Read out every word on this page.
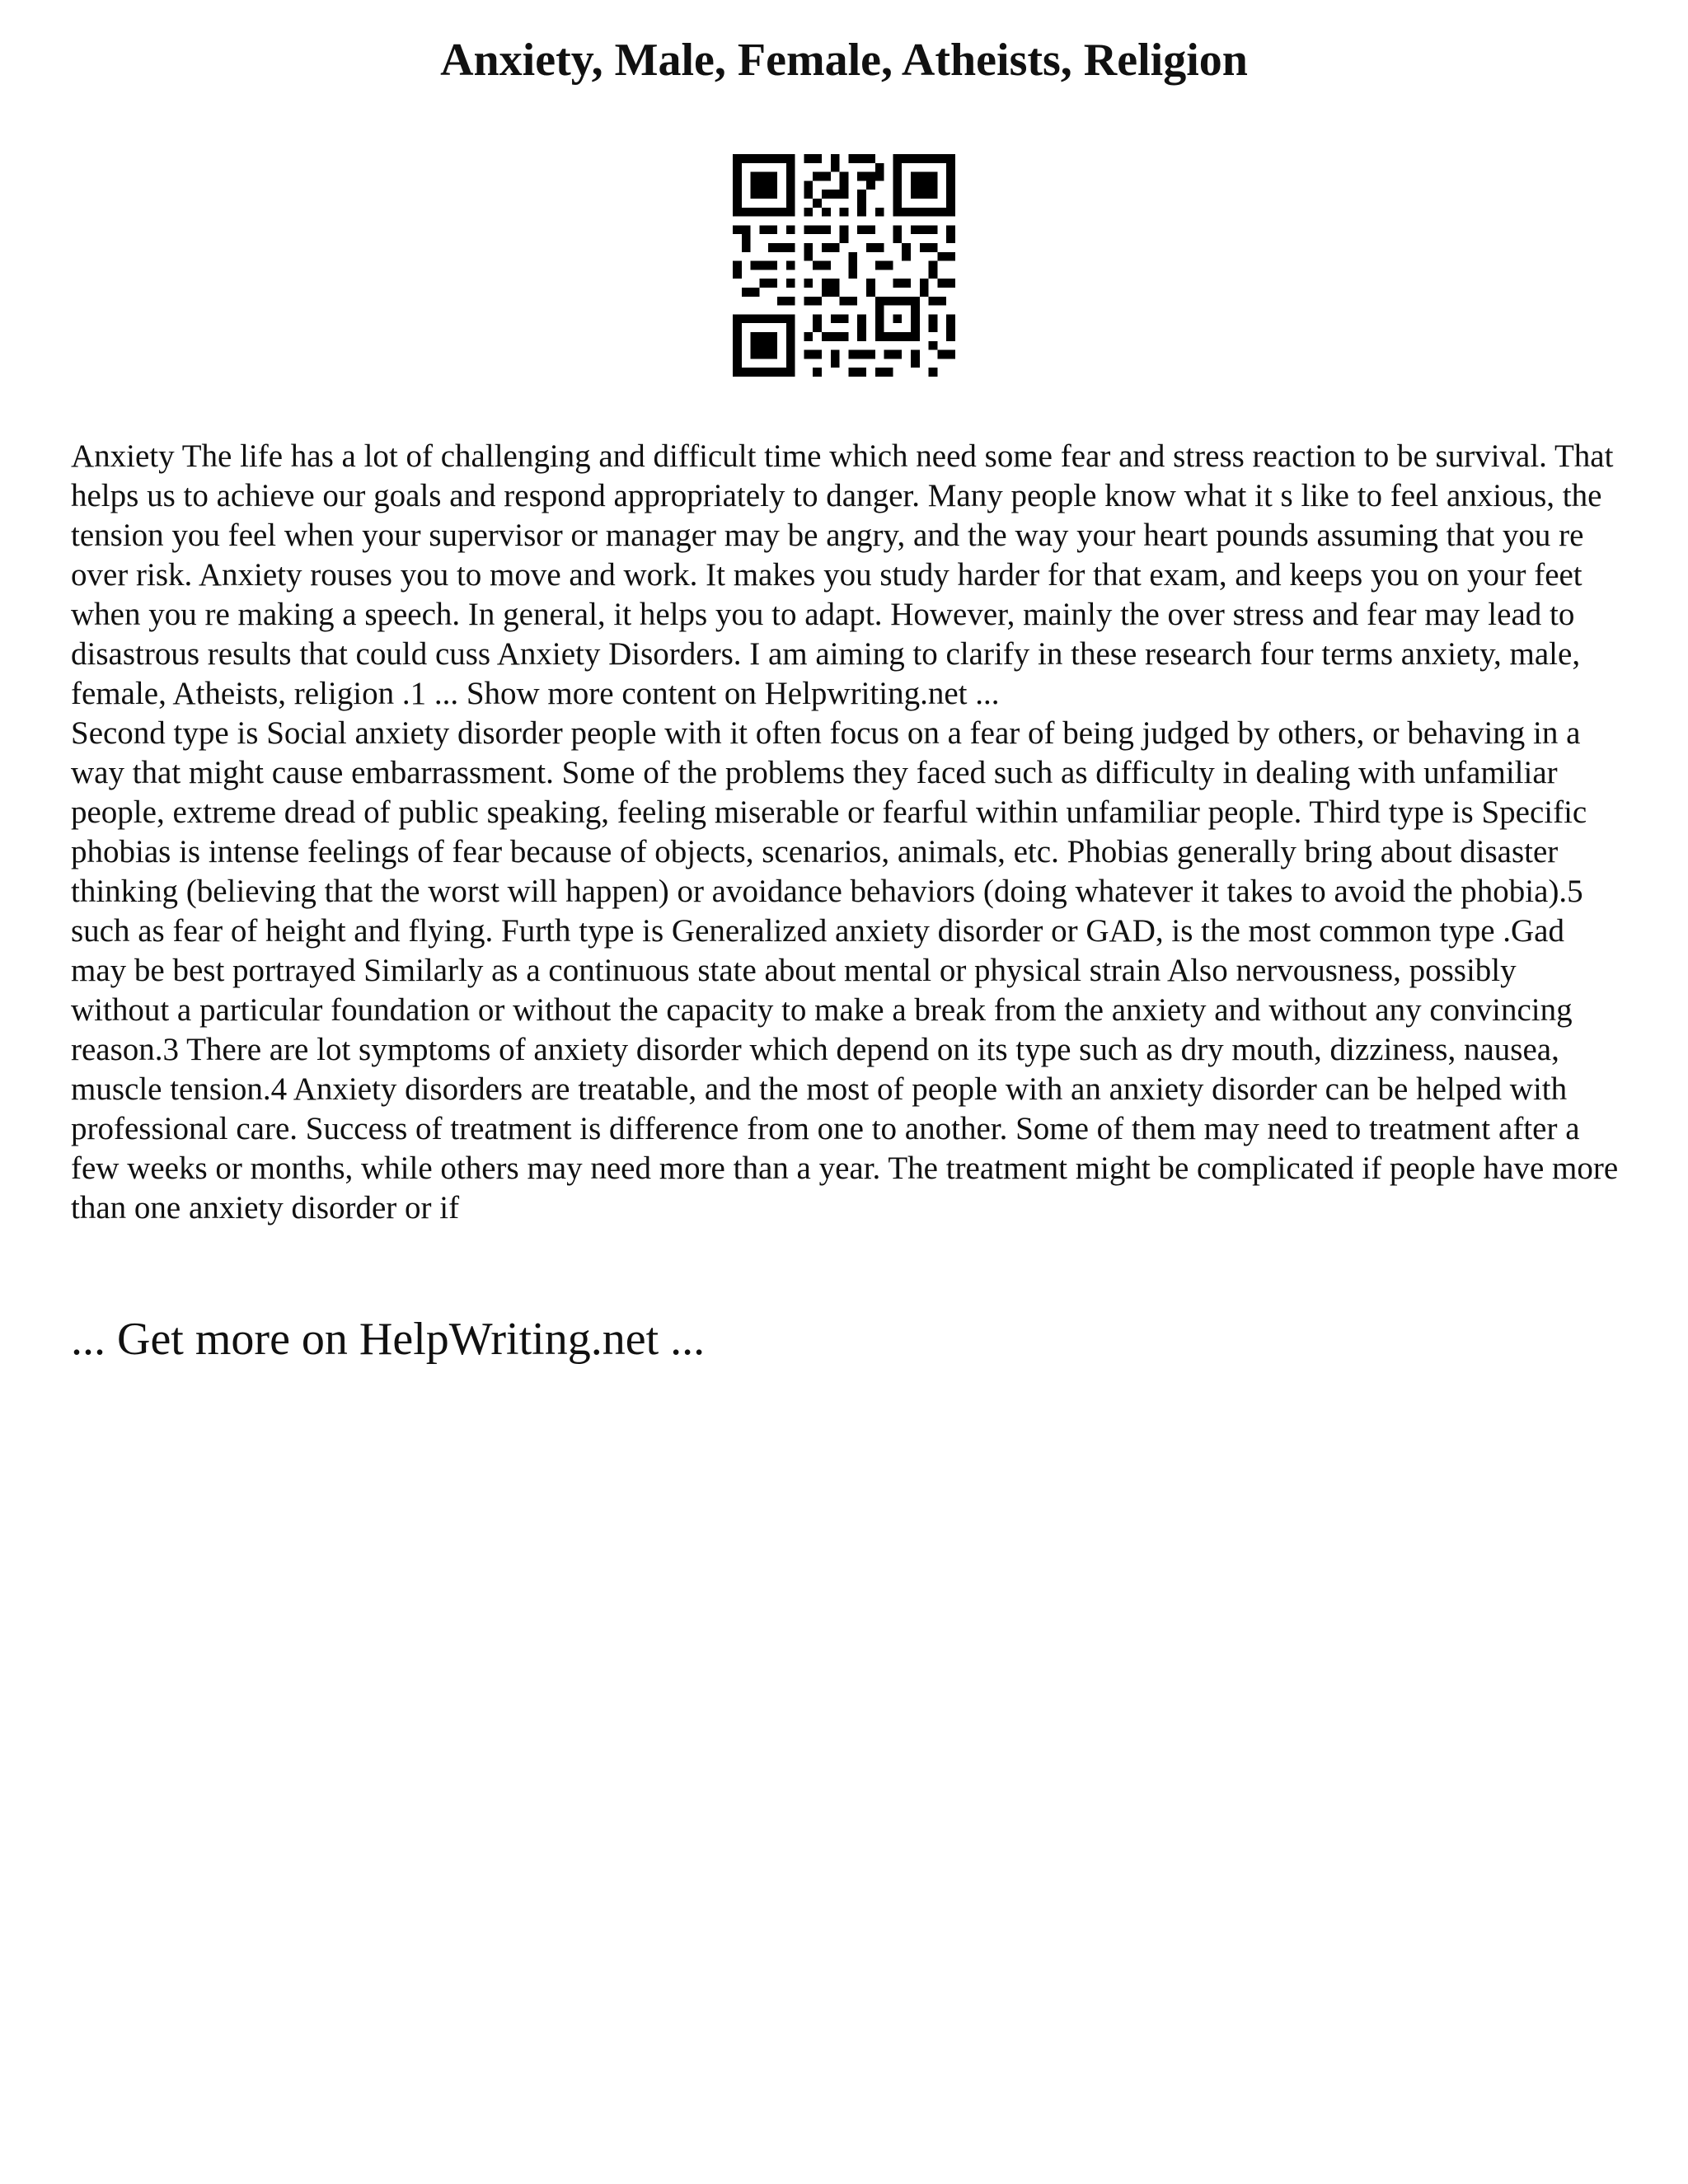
Anxiety, Male, Female, Atheists, Religion

Anxiety The life has a lot of challenging and difficult time which need some fear and stress reaction to be survival. That helps us to achieve our goals and respond appropriately to danger. Many people know what it s like to feel anxious, the tension you feel when your supervisor or manager may be angry, and the way your heart pounds assuming that you re over risk. Anxiety rouses you to move and work. It makes you study harder for that exam, and keeps you on your feet when you re making a speech. In general, it helps you to adapt. However, mainly the over stress and fear may lead to disastrous results that could cuss Anxiety Disorders. I am aiming to clarify in these research four terms anxiety, male, female, Atheists, religion .1 ... Show more content on Helpwriting.net ...

Second type is Social anxiety disorder people with it often focus on a fear of being judged by others, or behaving in a way that might cause embarrassment. Some of the problems they faced such as difficulty in dealing with unfamiliar people, extreme dread of public speaking, feeling miserable or fearful within unfamiliar people. Third type is Specific phobias is intense feelings of fear because of objects, scenarios, animals, etc. Phobias generally bring about disaster thinking (believing that the worst will happen) or avoidance behaviors (doing whatever it takes to avoid the phobia).5 such as fear of height and flying. Furth type is Generalized anxiety disorder or GAD, is the most common type .Gad may be best portrayed Similarly as a continuous state about mental or physical strain Also nervousness, possibly without a particular foundation or without the capacity to make a break from the anxiety and without any convincing reason.3 There are lot symptoms of anxiety disorder which depend on its type such as dry mouth, dizziness, nausea, muscle tension.4 Anxiety disorders are treatable, and the most of people with an anxiety disorder can be helped with professional care. Success of treatment is difference from one to another. Some of them may need to treatment after a few weeks or months, while others may need more than a year. The treatment might be complicated if people have more than one anxiety disorder or if

... Get more on HelpWriting.net ...
